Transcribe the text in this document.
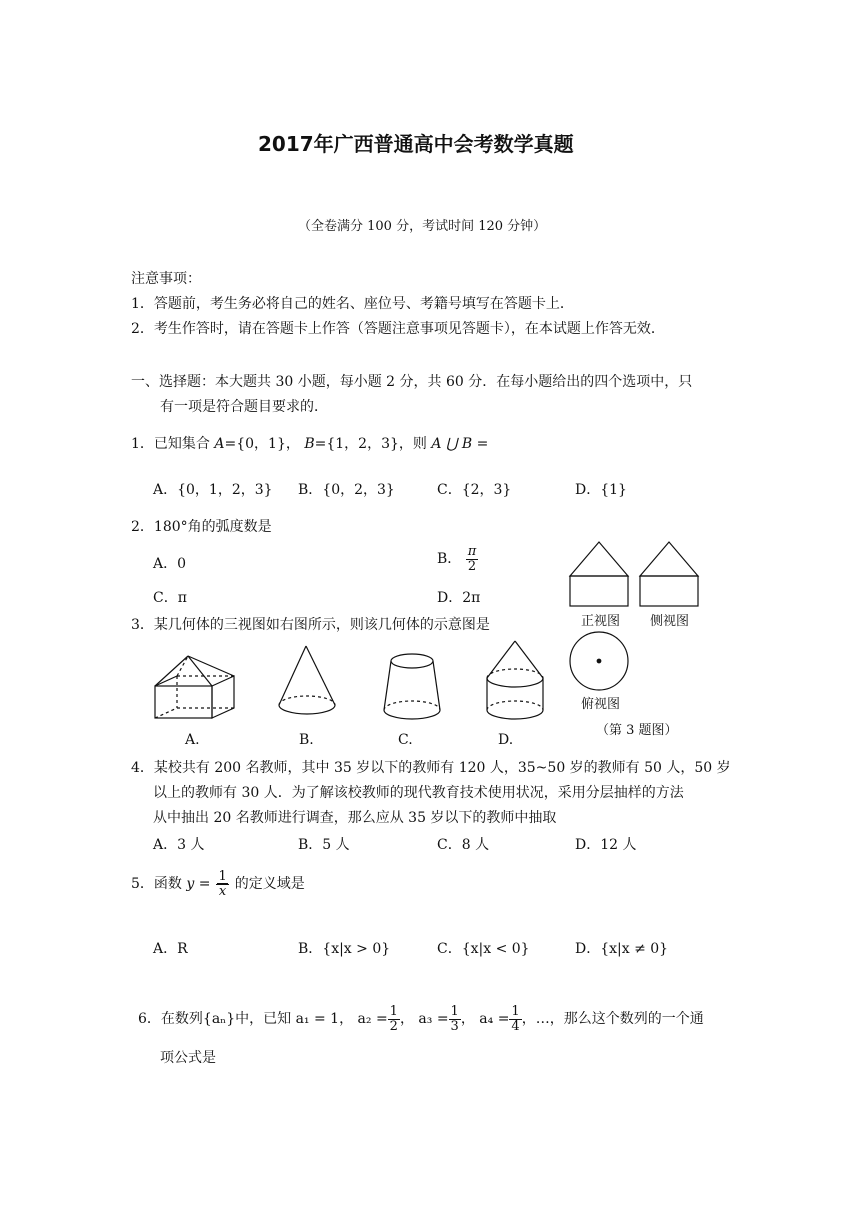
2017年广西普通高中会考数学真题
（全卷满分 100 分，考试时间 120 分钟）
注意事项：
1．答题前，考生务必将自己的姓名、座位号、考籍号填写在答题卡上．
2．考生作答时，请在答题卡上作答（答题注意事项见答题卡），在本试题上作答无效．
一、选择题：本大题共 30 小题，每小题 2 分，共 60 分．在每小题给出的四个选项中，只
有一项是符合题目要求的．
1．已知集合 A={0，1}， B={1，2，3}，则 A ⋃ B =
A．{0，1，2，3} B．{0，2，3}	C．{2，3}	D．{1}
2．180°角的弧度数是
A．0	B． $\frac{\pi}{2}$
C．π	D．2π
正视图 侧视图
俯视图
（第 3 题图）
3．某几何体的三视图如右图所示，则该几何体的示意图是
A.	B.	C.	D.
4．某校共有 200 名教师，其中 35 岁以下的教师有 120 人，35~50 岁的教师有 50 人，50 岁
以上的教师有 30 人．为了解该校教师的现代教育技术使用状况，采用分层抽样的方法
从中抽出 20 名教师进行调查，那么应从 35 岁以下的教师中抽取
A．3 人	B．5 人	C．8 人	D．12 人
5．函数 $y = \frac{1}{x}$ 的定义域是
A．R	B．{x|x > 0}	C．{x|x < 0}	D．{x|x ≠ 0}
6．在数列{aₙ}中，已知 a₁ = 1， $a_2 = \frac{1}{2}$ ， $a_3 = \frac{1}{3}$ ， $a_4 = \frac{1}{4}$ ，…，那么这个数列的一个通
项公式是
